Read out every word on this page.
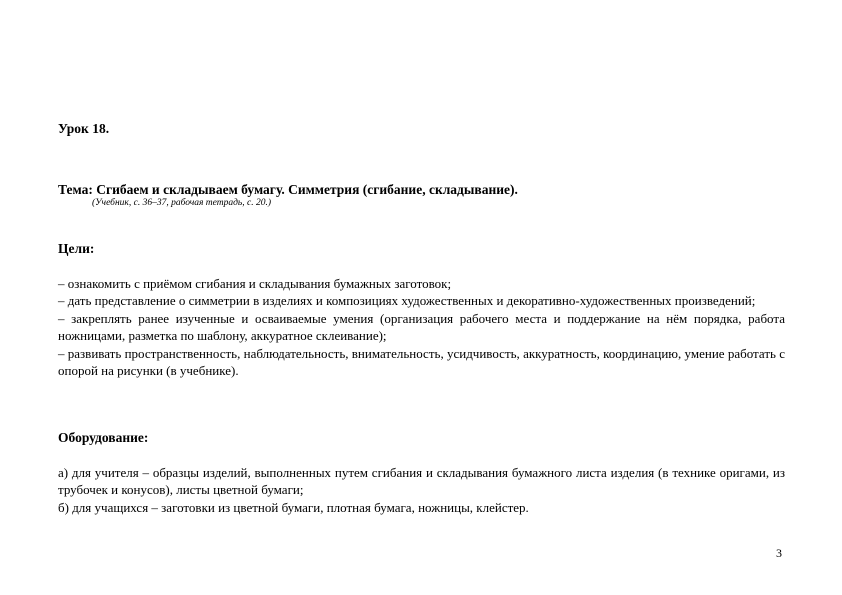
Урок 18.
Тема: Сгибаем и складываем бумагу. Симметрия (сгибание, складывание).
(Учебник, с. 36–37, рабочая тетрадь, с. 20.)
Цели:

– ознакомить с приёмом сгибания и складывания бумажных заготовок;

– дать представление о симметрии в изделиях и композициях художественных и декоративно-художественных произведений;

– закреплять ранее изученные и осваиваемые умения (организация рабочего места и поддержание на нём порядка, работа ножницами, разметка по шаблону, аккуратное склеивание);

– развивать пространственность, наблюдательность, внимательность, усидчивость, аккуратность, координацию, умение работать с опорой на рисунки (в учебнике).

Оборудование:

а) для учителя – образцы изделий, выполненных путем сгибания и складывания бумажного листа изделия (в технике оригами, из трубочек и конусов), листы цветной бумаги;

б) для учащихся – заготовки из цветной бумаги, плотная бумага, ножницы, клейстер.

3
